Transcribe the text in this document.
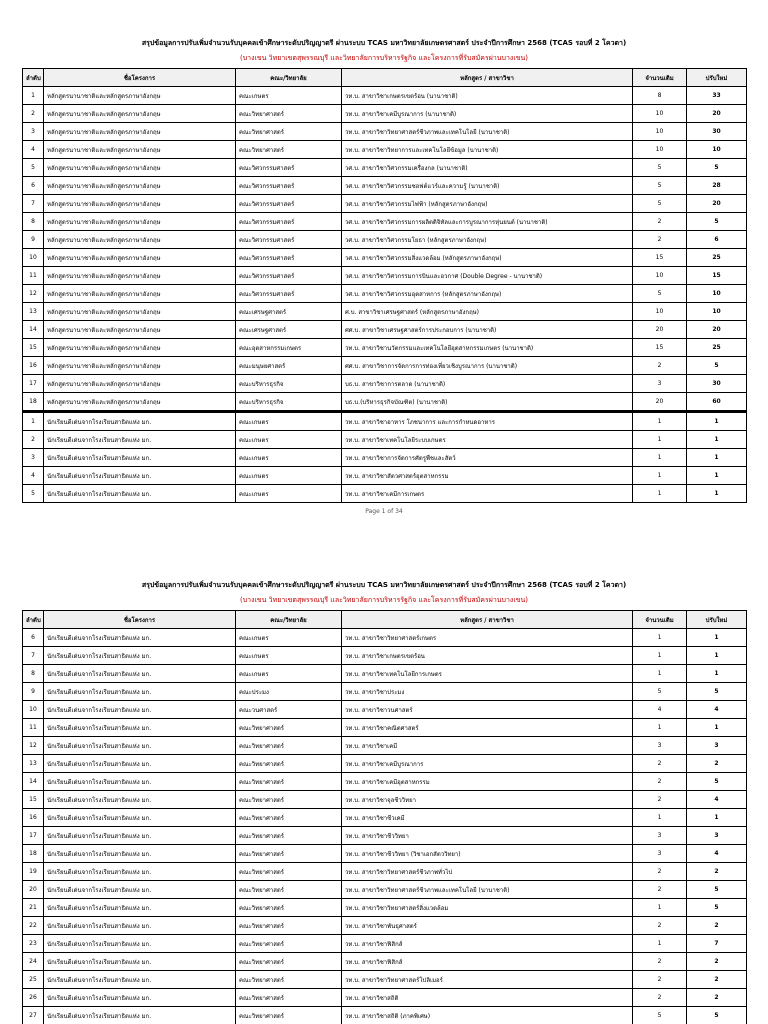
สรุปข้อมูลการปรับเพิ่มจำนวนรับบุคคลเข้าศึกษาระดับปริญญาตรี ผ่านระบบ TCAS มหาวิทยาลัยเกษตรศาสตร์ ประจำปีการศึกษา 2568 (TCAS รอบที่ 2 โควตา)
(บางเขน วิทยาเขตสุพรรณบุรี และวิทยาลัยการบริหารรัฐกิจ และโครงการที่รับสมัครผ่านบางเขน)
ลำดับ	ชื่อโครงการ	คณะ/วิทยาลัย	หลักสูตร / สาขาวิชา	จำนวนเดิม	ปรับใหม่
1	หลักสูตรนานาชาติและหลักสูตรภาษาอังกฤษ	คณะเกษตร	วท.บ. สาขาวิชาเกษตรเขตร้อน (นานาชาติ)	8	33
2	หลักสูตรนานาชาติและหลักสูตรภาษาอังกฤษ	คณะวิทยาศาสตร์	วท.บ. สาขาวิชาเคมีบูรณาการ (นานาชาติ)	10	20
3	หลักสูตรนานาชาติและหลักสูตรภาษาอังกฤษ	คณะวิทยาศาสตร์	วท.บ. สาขาวิชาวิทยาศาสตร์ชีวภาพและเทคโนโลยี (นานาชาติ)	10	30
4	หลักสูตรนานาชาติและหลักสูตรภาษาอังกฤษ	คณะวิทยาศาสตร์	วท.บ. สาขาวิชาวิทยาการและเทคโนโลยีข้อมูล (นานาชาติ)	10	10
5	หลักสูตรนานาชาติและหลักสูตรภาษาอังกฤษ	คณะวิศวกรรมศาสตร์	วศ.บ. สาขาวิชาวิศวกรรมเครื่องกล (นานาชาติ)	5	5
6	หลักสูตรนานาชาติและหลักสูตรภาษาอังกฤษ	คณะวิศวกรรมศาสตร์	วศ.บ. สาขาวิชาวิศวกรรมซอฟต์แวร์และความรู้ (นานาชาติ)	5	28
7	หลักสูตรนานาชาติและหลักสูตรภาษาอังกฤษ	คณะวิศวกรรมศาสตร์	วศ.บ. สาขาวิชาวิศวกรรมไฟฟ้า (หลักสูตรภาษาอังกฤษ)	5	20
8	หลักสูตรนานาชาติและหลักสูตรภาษาอังกฤษ	คณะวิศวกรรมศาสตร์	วศ.บ. สาขาวิชาวิศวกรรมการผลิตดิจิทัลและการบูรณาการหุ่นยนต์ (นานาชาติ)	2	5
9	หลักสูตรนานาชาติและหลักสูตรภาษาอังกฤษ	คณะวิศวกรรมศาสตร์	วศ.บ. สาขาวิชาวิศวกรรมโยธา (หลักสูตรภาษาอังกฤษ)	2	6
10	หลักสูตรนานาชาติและหลักสูตรภาษาอังกฤษ	คณะวิศวกรรมศาสตร์	วศ.บ. สาขาวิชาวิศวกรรมสิ่งแวดล้อม (หลักสูตรภาษาอังกฤษ)	15	25
11	หลักสูตรนานาชาติและหลักสูตรภาษาอังกฤษ	คณะวิศวกรรมศาสตร์	วศ.บ. สาขาวิชาวิศวกรรมการบินและอวกาศ (Double Degree - นานาชาติ)	10	15
12	หลักสูตรนานาชาติและหลักสูตรภาษาอังกฤษ	คณะวิศวกรรมศาสตร์	วศ.บ. สาขาวิชาวิศวกรรมอุตสาหการ (หลักสูตรภาษาอังกฤษ)	5	10
13	หลักสูตรนานาชาติและหลักสูตรภาษาอังกฤษ	คณะเศรษฐศาสตร์	ศ.บ. สาขาวิชาเศรษฐศาสตร์ (หลักสูตรภาษาอังกฤษ)	10	10
14	หลักสูตรนานาชาติและหลักสูตรภาษาอังกฤษ	คณะเศรษฐศาสตร์	ศศ.บ. สาขาวิชาเศรษฐศาสตร์การประกอบการ (นานาชาติ)	20	20
15	หลักสูตรนานาชาติและหลักสูตรภาษาอังกฤษ	คณะอุตสาหกรรมเกษตร	วท.บ. สาขาวิชานวัตกรรมและเทคโนโลยีอุตสาหกรรมเกษตร (นานาชาติ)	15	25
16	หลักสูตรนานาชาติและหลักสูตรภาษาอังกฤษ	คณะมนุษยศาสตร์	ศศ.บ. สาขาวิชาการจัดการการท่องเที่ยวเชิงบูรณาการ (นานาชาติ)	2	5
17	หลักสูตรนานาชาติและหลักสูตรภาษาอังกฤษ	คณะบริหารธุรกิจ	บธ.บ. สาขาวิชาการตลาด (นานาชาติ)	3	30
18	หลักสูตรนานาชาติและหลักสูตรภาษาอังกฤษ	คณะบริหารธุรกิจ	บธ.บ.(บริหารธุรกิจบัณฑิต) (นานาชาติ)	20	60
1	นักเรียนดีเด่นจากโรงเรียนสาธิตแห่ง มก.	คณะเกษตร	วท.บ. สาขาวิชาอาหาร โภชนาการ และการกำหนดอาหาร	1	1
2	นักเรียนดีเด่นจากโรงเรียนสาธิตแห่ง มก.	คณะเกษตร	วท.บ. สาขาวิชาเทคโนโลยีระบบเกษตร	1	1
3	นักเรียนดีเด่นจากโรงเรียนสาธิตแห่ง มก.	คณะเกษตร	วท.บ. สาขาวิชาการจัดการศัตรูพืชและสัตว์	1	1
4	นักเรียนดีเด่นจากโรงเรียนสาธิตแห่ง มก.	คณะเกษตร	วท.บ. สาขาวิชาสัตวศาสตร์อุตสาหกรรม	1	1
5	นักเรียนดีเด่นจากโรงเรียนสาธิตแห่ง มก.	คณะเกษตร	วท.บ. สาขาวิชาเคมีการเกษตร	1	1
Page 1 of 34
สรุปข้อมูลการปรับเพิ่มจำนวนรับบุคคลเข้าศึกษาระดับปริญญาตรี ผ่านระบบ TCAS มหาวิทยาลัยเกษตรศาสตร์ ประจำปีการศึกษา 2568 (TCAS รอบที่ 2 โควตา)
(บางเขน วิทยาเขตสุพรรณบุรี และวิทยาลัยการบริหารรัฐกิจ และโครงการที่รับสมัครผ่านบางเขน)
ลำดับ	ชื่อโครงการ	คณะ/วิทยาลัย	หลักสูตร / สาขาวิชา	จำนวนเดิม	ปรับใหม่
6	นักเรียนดีเด่นจากโรงเรียนสาธิตแห่ง มก.	คณะเกษตร	วท.บ. สาขาวิชาวิทยาศาสตร์เกษตร	1	1
7	นักเรียนดีเด่นจากโรงเรียนสาธิตแห่ง มก.	คณะเกษตร	วท.บ. สาขาวิชาเกษตรเขตร้อน	1	1
8	นักเรียนดีเด่นจากโรงเรียนสาธิตแห่ง มก.	คณะเกษตร	วท.บ. สาขาวิชาเทคโนโลยีการเกษตร	1	1
9	นักเรียนดีเด่นจากโรงเรียนสาธิตแห่ง มก.	คณะประมง	วท.บ. สาขาวิชาประมง	5	5
10	นักเรียนดีเด่นจากโรงเรียนสาธิตแห่ง มก.	คณะวนศาสตร์	วท.บ. สาขาวิชาวนศาสตร์	4	4
11	นักเรียนดีเด่นจากโรงเรียนสาธิตแห่ง มก.	คณะวิทยาศาสตร์	วท.บ. สาขาวิชาคณิตศาสตร์	1	1
12	นักเรียนดีเด่นจากโรงเรียนสาธิตแห่ง มก.	คณะวิทยาศาสตร์	วท.บ. สาขาวิชาเคมี	3	3
13	นักเรียนดีเด่นจากโรงเรียนสาธิตแห่ง มก.	คณะวิทยาศาสตร์	วท.บ. สาขาวิชาเคมีบูรณาการ	2	2
14	นักเรียนดีเด่นจากโรงเรียนสาธิตแห่ง มก.	คณะวิทยาศาสตร์	วท.บ. สาขาวิชาเคมีอุตสาหกรรม	2	5
15	นักเรียนดีเด่นจากโรงเรียนสาธิตแห่ง มก.	คณะวิทยาศาสตร์	วท.บ. สาขาวิชาจุลชีววิทยา	2	4
16	นักเรียนดีเด่นจากโรงเรียนสาธิตแห่ง มก.	คณะวิทยาศาสตร์	วท.บ. สาขาวิชาชีวเคมี	1	1
17	นักเรียนดีเด่นจากโรงเรียนสาธิตแห่ง มก.	คณะวิทยาศาสตร์	วท.บ. สาขาวิชาชีววิทยา	3	3
18	นักเรียนดีเด่นจากโรงเรียนสาธิตแห่ง มก.	คณะวิทยาศาสตร์	วท.บ. สาขาวิชาชีววิทยา (วิชาเอกสัตววิทยา)	3	4
19	นักเรียนดีเด่นจากโรงเรียนสาธิตแห่ง มก.	คณะวิทยาศาสตร์	วท.บ. สาขาวิชาวิทยาศาสตร์ชีวภาพทั่วไป	2	2
20	นักเรียนดีเด่นจากโรงเรียนสาธิตแห่ง มก.	คณะวิทยาศาสตร์	วท.บ. สาขาวิชาวิทยาศาสตร์ชีวภาพและเทคโนโลยี (นานาชาติ)	2	5
21	นักเรียนดีเด่นจากโรงเรียนสาธิตแห่ง มก.	คณะวิทยาศาสตร์	วท.บ. สาขาวิชาวิทยาศาสตร์สิ่งแวดล้อม	1	5
22	นักเรียนดีเด่นจากโรงเรียนสาธิตแห่ง มก.	คณะวิทยาศาสตร์	วท.บ. สาขาวิชาพันธุศาสตร์	2	2
23	นักเรียนดีเด่นจากโรงเรียนสาธิตแห่ง มก.	คณะวิทยาศาสตร์	วท.บ. สาขาวิชาฟิสิกส์	1	7
24	นักเรียนดีเด่นจากโรงเรียนสาธิตแห่ง มก.	คณะวิทยาศาสตร์	วท.บ. สาขาวิชาฟิสิกส์	2	2
25	นักเรียนดีเด่นจากโรงเรียนสาธิตแห่ง มก.	คณะวิทยาศาสตร์	วท.บ. สาขาวิชาวิทยาศาสตร์โปลิเมอร์	2	2
26	นักเรียนดีเด่นจากโรงเรียนสาธิตแห่ง มก.	คณะวิทยาศาสตร์	วท.บ. สาขาวิชาสถิติ	2	2
27	นักเรียนดีเด่นจากโรงเรียนสาธิตแห่ง มก.	คณะวิทยาศาสตร์	วท.บ. สาขาวิชาสถิติ (ภาคพิเศษ)	5	5
